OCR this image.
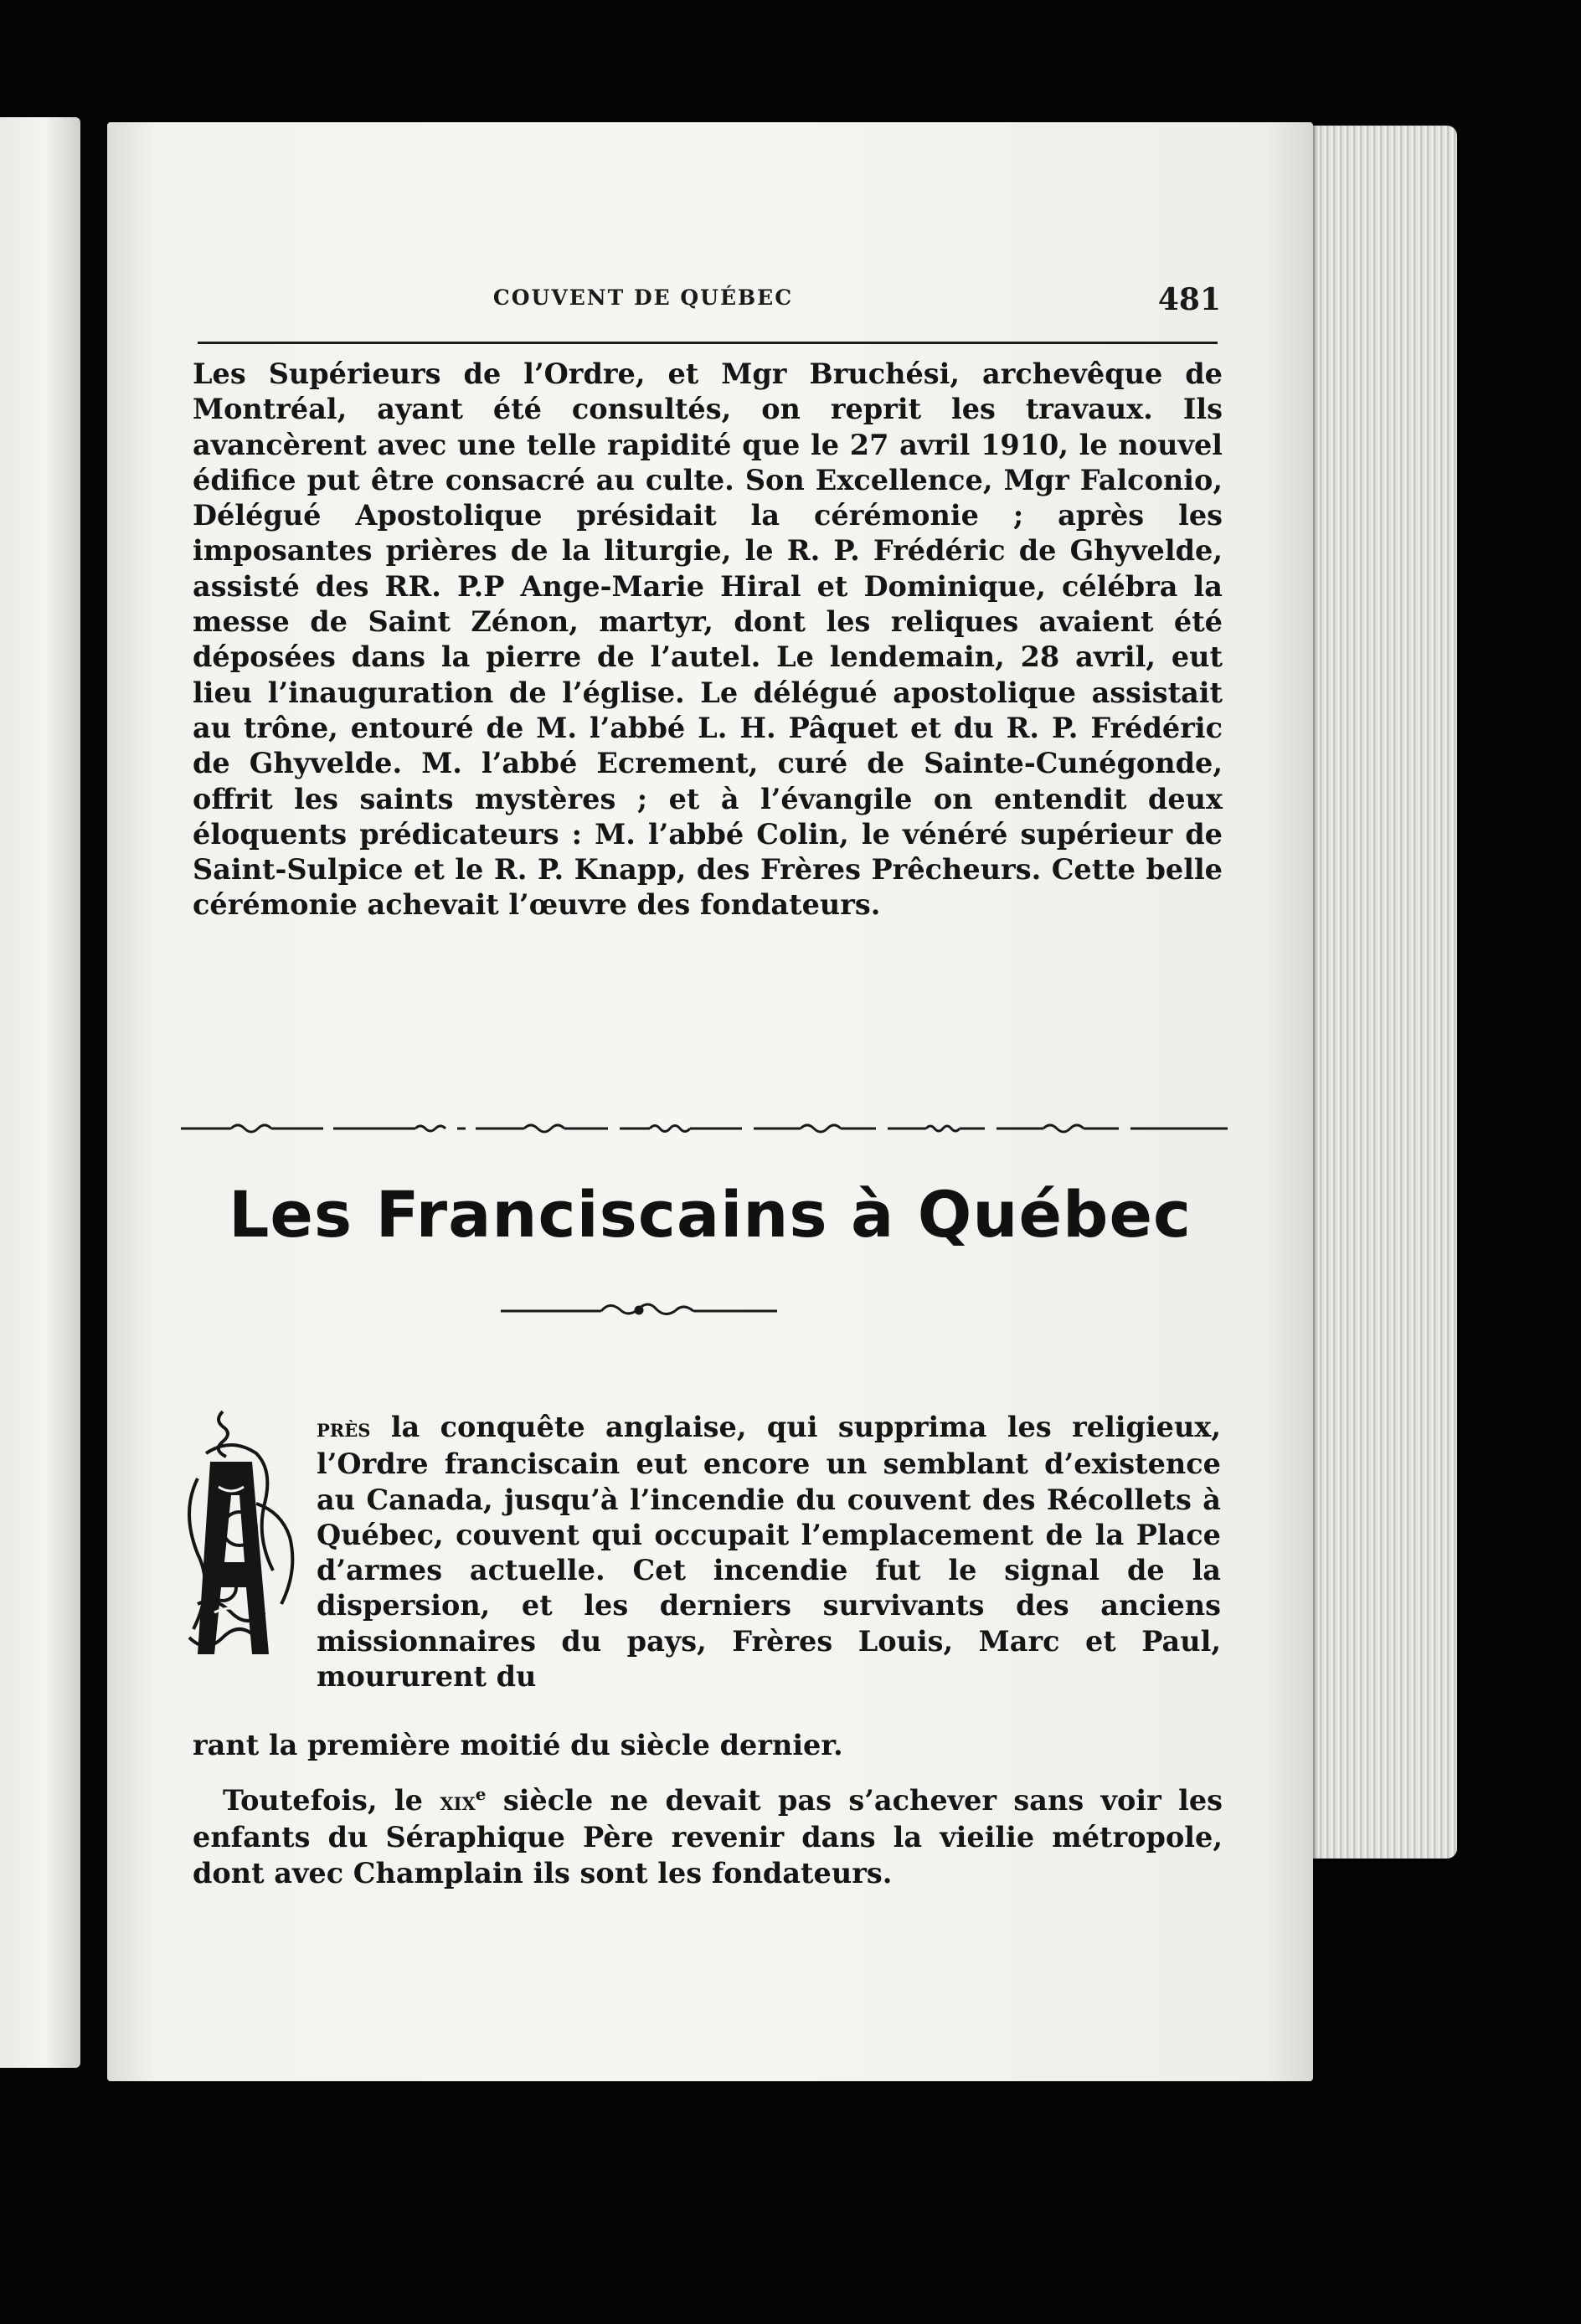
COUVENT DE QUÉBEC	481

Les Supérieurs de l’Ordre, et Mgr Bruchési, archevêque de Montréal, ayant été consultés, on reprit les travaux. Ils avancèrent avec une telle rapidité que le 27 avril 1910, le nouvel édifice put être consacré au culte. Son Excellence, Mgr Falconio, Délégué Apostolique présidait la cérémonie ; après les imposantes prières de la liturgie, le R. P. Frédéric de Ghyvelde, assisté des RR. P.P Ange-Marie Hiral et Dominique, célébra la messe de Saint Zénon, martyr, dont les reliques avaient été déposées dans la pierre de l’autel. Le lendemain, 28 avril, eut lieu l’inauguration de l’église. Le délégué apostolique assistait au trône, entouré de M. l’abbé L. H. Pâquet et du R. P. Frédéric de Ghyvelde. M. l’abbé Ecrement, curé de Sainte-Cunégonde, offrit les saints mystères ; et à l’évangile on entendit deux éloquents prédicateurs : M. l’abbé Colin, le vénéré supérieur de Saint-Sulpice et le R. P. Knapp, des Frères Prêcheurs. Cette belle cérémonie achevait l’œuvre des fondateurs.

Les Franciscains à Québec
A

près la conquête anglaise, qui supprima les religieux, l’Ordre franciscain eut encore un semblant d’existence au Canada, jusqu’à l’incendie du couvent des Récollets à Québec, couvent qui occupait l’emplacement de la Place d’armes actuelle. Cet incendie fut le signal de la dispersion, et les derniers survivants des anciens missionnaires du pays, Frères Louis, Marc et Paul, moururent du

rant la première moitié du siècle dernier.

Toutefois, le xix$^e$ siècle ne devait pas s’achever sans voir les enfants du Séraphique Père revenir dans la vieilie métropole, dont avec Champlain ils sont les fondateurs.
